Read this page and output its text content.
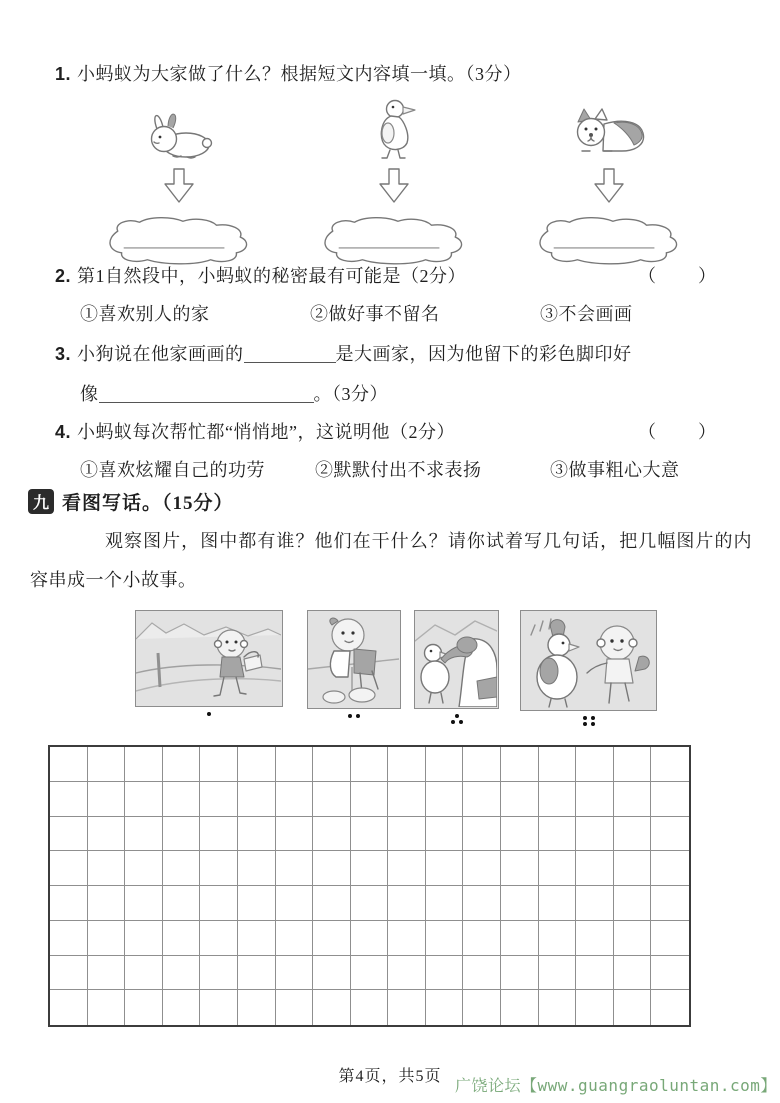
1. 小蚂蚁为大家做了什么？根据短文内容填一填。（3分）
2. 第1自然段中，小蚂蚁的秘密最有可能是（2分）	（　　）
①喜欢别人的家	②做好事不留名	③不会画画
3. 小狗说在他家画画的	是大画家，因为他留下的彩色脚印好
像	。（3分）
4. 小蚂蚁每次帮忙都“悄悄地”，这说明他（2分）	（　　）
①喜欢炫耀自己的功劳	②默默付出不求表扬	③做事粗心大意
九 看图写话。（15分）
观察图片，图中都有谁？他们在干什么？请你试着写几句话，把几幅图片的内容串成一个小故事。
第4页，共5页 广饶论坛【www.guangraoluntan.com】
